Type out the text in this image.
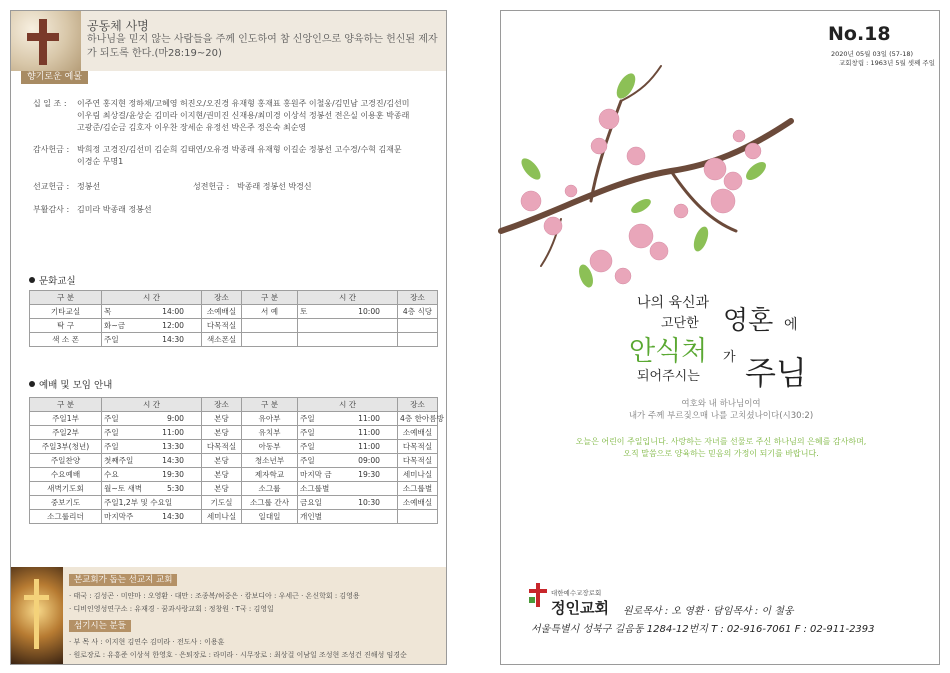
공동체 사명
하나님을 믿지 않는 사람들을 주께 인도하여 참 신앙인으로 양육하는 헌신된 제자가 되도록 한다.(마28:19~20)
향기로운 예물
십 일 조 : 이주연 홍지현 정하채/고혜영 허진오/오진경 유재형 홍재표 홍원주 이철웅/김민남 고경진/김선미
이우림 최상걸/윤상순 김미라 이지현/권미진 신재용/최미경 이상석 정봉선 전은실 이용훈 박종래
고광준/김순금 김호자 이우찬 장세순 유정선 박은주 정은숙 최순영
감사헌금 : 박희정 고경진/김선미 김순희 김태연/오유경 박종래 유재형 이길순 정봉선 고수경/수혁 김재문
이경순 무명1
선교헌금 : 정봉선	성전헌금 : 박종래 정봉선 박경신
부활감사 : 김미라 박종래 정봉선
문화교실
구 분	시 간	장소	구 분	시 간	장소
기타교실	목 14:00	소예배실	서 예	토 10:00	4층 식당
탁 구	화~금 12:00	다목적실			
색 소 폰	주일 14:30	색소폰실			
예배 및 모임 안내
구 분	시 간	장소	구 분	시 간	장소
주일1부	주일 9:00	본당	유아부	주일 11:00	4층 한아름방
주일2부	주일 11:00	본당	유치부	주일 11:00	소예배실
주일3부(청년)	주일 13:30	다목적실	아동부	주일 11:00	다목적실
주일찬양	첫째주일 14:30	본당	청소년부	주일 09:00	다목적실
수요예배	수요 19:30	본당	제자학교	마지막 금 19:30	세미나실
새벽기도회	월~토 새벽 5:30	본당	소그룹	소그룹별	소그룹별
중보기도	주일1,2부 및 수요일	기도실	소그룹 간사	금요일 10:30	소예배실
소그룹리더	마지막주 14:30	세미나실	일대일	개인별	
본교회가 돕는 선교지 교회
· 태국 : 김성곤 · 미얀마 : 오영환 · 대만 : 조종복/허중은 · 캄보디아 : 우세근 · 온신학회 : 김영용
· 디비인영성연구소 : 유재경 · 꿈과사랑교회 : 정창원 · T국 : 김영일
섬기시는 분들
· 부 목 사 : 이지현 김연수 김미라 · 전도사 : 이용훈
· 원로장로 : 유흥준 이상석 한영호 · 은퇴장로 : 라미라 · 시무장로 : 최상걸 이남일 조성현 조성건 진해성 임경순
No.18
2020년 05월 03일 (57-18)
교회창립 : 1963년 5월 셋째 주일
나의 육신과
고단한 영혼 에
안식처 가
되어주시는 주님
여호와 내 하나님이여
내가 주께 부르짖으매 나를 고치셨나이다(시30:2)
오늘은 어린이 주일입니다. 사랑하는 자녀를 선물로 주신 하나님의 은혜를 감사하며,
오직 말씀으로 양육하는 믿음의 가정이 되기를 바랍니다.
대한예수교장로회
정인교회 원로목사 : 오 영환 · 담임목사 : 이 철웅
서울특별시 성북구 길음동 1284-12번지 T : 02-916-7061 F : 02-911-2393
